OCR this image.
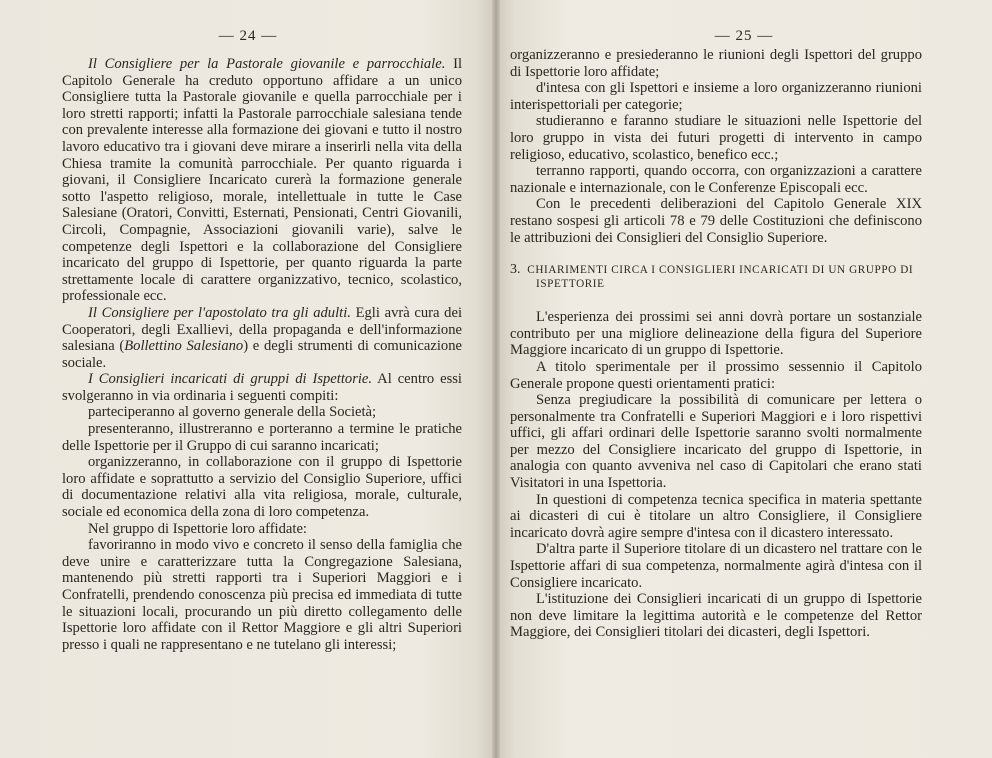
— 24 —

Il Consigliere per la Pastorale giovanile e parrocchiale. Il Capitolo Generale ha creduto opportuno affidare a un unico Consigliere tutta la Pastorale giovanile e quella parrocchiale per i loro stretti rapporti; infatti la Pastorale parrocchiale salesiana tende con prevalente interesse alla formazione dei giovani e tutto il nostro lavoro educativo tra i giovani deve mirare a inserirli nella vita della Chiesa tramite la comunità parrocchiale. Per quanto riguarda i giovani, il Consigliere Incaricato curerà la formazione generale sotto l'aspetto religioso, morale, intellettuale in tutte le Case Salesiane (Oratori, Convitti, Esternati, Pensionati, Centri Giovanili, Circoli, Compagnie, Associazioni giovanili varie), salve le competenze degli Ispettori e la collaborazione del Consigliere incaricato del gruppo di Ispettorie, per quanto riguarda la parte strettamente locale di carattere organizzativo, tecnico, scolastico, professionale ecc.

Il Consigliere per l'apostolato tra gli adulti. Egli avrà cura dei Cooperatori, degli Exallievi, della propaganda e dell'informazione salesiana (Bollettino Salesiano) e degli strumenti di comunicazione sociale.

I Consiglieri incaricati di gruppi di Ispettorie. Al centro essi svolgeranno in via ordinaria i seguenti compiti:

parteciperanno al governo generale della Società;

presenteranno, illustreranno e porteranno a termine le pratiche delle Ispettorie per il Gruppo di cui saranno incaricati;

organizzeranno, in collaborazione con il gruppo di Ispettorie loro affidate e soprattutto a servizio del Consiglio Superiore, uffici di documentazione relativi alla vita religiosa, morale, culturale, sociale ed economica della zona di loro competenza.

Nel gruppo di Ispettorie loro affidate:

favoriranno in modo vivo e concreto il senso della famiglia che deve unire e caratterizzare tutta la Congregazione Salesiana, mantenendo più stretti rapporti tra i Superiori Maggiori e i Confratelli, prendendo conoscenza più precisa ed immediata di tutte le situazioni locali, procurando un più diretto collegamento delle Ispettorie loro affidate con il Rettor Maggiore e gli altri Superiori presso i quali ne rappresentano e ne tutelano gli interessi;

— 25 —

organizzeranno e presiederanno le riunioni degli Ispettori del gruppo di Ispettorie loro affidate;

d'intesa con gli Ispettori e insieme a loro organizzeranno riunioni interispettoriali per categorie;

studieranno e faranno studiare le situazioni nelle Ispettorie del loro gruppo in vista dei futuri progetti di intervento in campo religioso, educativo, scolastico, benefico ecc.;

terranno rapporti, quando occorra, con organizzazioni a carattere nazionale e internazionale, con le Conferenze Episcopali ecc.

Con le precedenti deliberazioni del Capitolo Generale XIX restano sospesi gli articoli 78 e 79 delle Costituzioni che definiscono le attribuzioni dei Consiglieri del Consiglio Superiore.

3. CHIARIMENTI CIRCA I CONSIGLIERI INCARICATI DI UN GRUPPO DI ISPETTORIE

L'esperienza dei prossimi sei anni dovrà portare un sostanziale contributo per una migliore delineazione della figura del Superiore Maggiore incaricato di un gruppo di Ispettorie.

A titolo sperimentale per il prossimo sessennio il Capitolo Generale propone questi orientamenti pratici:

Senza pregiudicare la possibilità di comunicare per lettera o personalmente tra Confratelli e Superiori Maggiori e i loro rispettivi uffici, gli affari ordinari delle Ispettorie saranno svolti normalmente per mezzo del Consigliere incaricato del gruppo di Ispettorie, in analogia con quanto avveniva nel caso di Capitolari che erano stati Visitatori in una Ispettoria.

In questioni di competenza tecnica specifica in materia spettante ai dicasteri di cui è titolare un altro Consigliere, il Consigliere incaricato dovrà agire sempre d'intesa con il dicastero interessato.

D'altra parte il Superiore titolare di un dicastero nel trattare con le Ispettorie affari di sua competenza, normalmente agirà d'intesa con il Consigliere incaricato.

L'istituzione dei Consiglieri incaricati di un gruppo di Ispettorie non deve limitare la legittima autorità e le competenze del Rettor Maggiore, dei Consiglieri titolari dei dicasteri, degli Ispettori.
